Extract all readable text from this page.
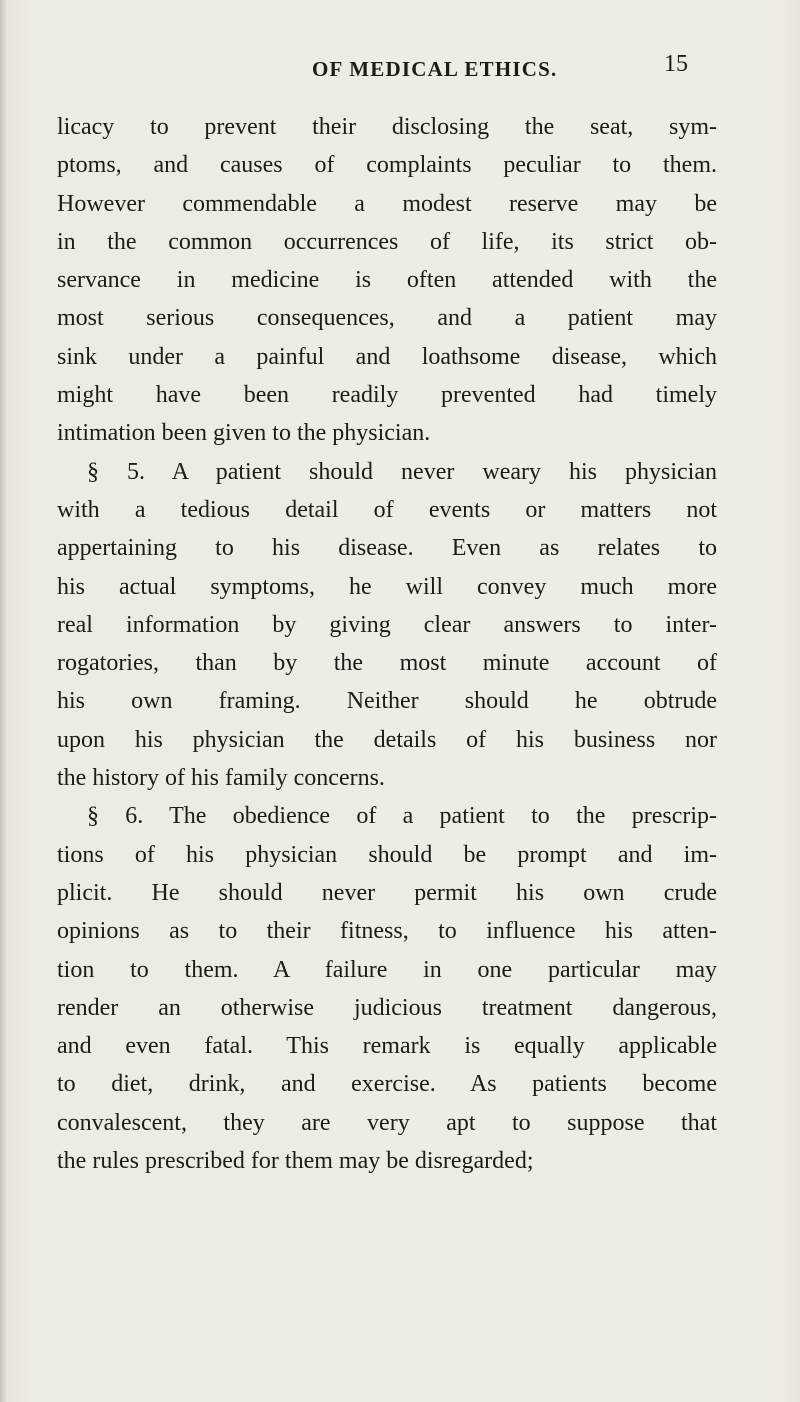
OF MEDICAL ETHICS.	15
licacy to prevent their disclosing the seat, sym-
ptoms, and causes of complaints peculiar to them.
However commendable a modest reserve may be
in the common occurrences of life, its strict ob-
servance in medicine is often attended with the
most serious consequences, and a patient may
sink under a painful and loathsome disease, which
might have been readily prevented had timely
intimation been given to the physician.
§ 5. A patient should never weary his physician
with a tedious detail of events or matters not
appertaining to his disease. Even as relates to
his actual symptoms, he will convey much more
real information by giving clear answers to inter-
rogatories, than by the most minute account of
his own framing. Neither should he obtrude
upon his physician the details of his business nor
the history of his family concerns.
§ 6. The obedience of a patient to the prescrip-
tions of his physician should be prompt and im-
plicit. He should never permit his own crude
opinions as to their fitness, to influence his atten-
tion to them. A failure in one particular may
render an otherwise judicious treatment dangerous,
and even fatal. This remark is equally applicable
to diet, drink, and exercise. As patients become
convalescent, they are very apt to suppose that
the rules prescribed for them may be disregarded;
